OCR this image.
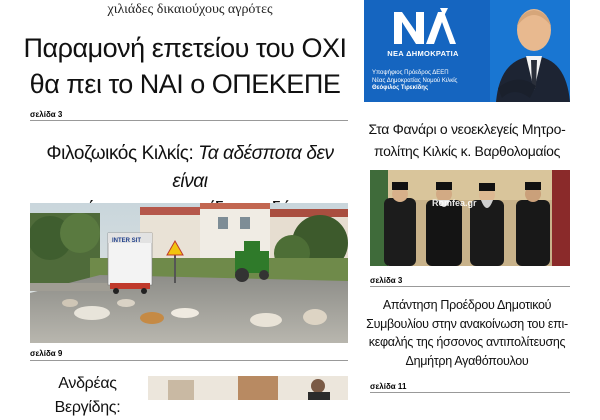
χιλιάδες δικαιούχους αγρότες
Παραμονή επετείου του ΟΧΙ
θα πει το ΝΑΙ ο ΟΠΕΚΕΠΕ
σελίδα 3
Φιλοζωικός Κιλκίς: Τα αδέσποτα δεν είναι
INTER SIT
σελίδα 9
Ανδρέας Βεργίδης:
ΝΕΑ ΔΗΜΟΚΡΑΤΙΑ
Υποψήφιος Πρόεδρος ΔΕΕΠ
Νέας Δημοκρατίας Νομού Κιλκίς
Θεόφιλος Τιρεκίδης
Στα Φανάρι ο νεοεκλεγείς Μητρο-
πολίτης Κιλκίς κ. Βαρθολομαίος
Romfea.gr
σελίδα 3
Απάντηση Προέδρου Δημοτικού
Συμβουλίου στην ανακοίνωση του επι-
κεφαλής της ήσσονος αντιπολίτευσης
Δημήτρη Αγαθόπουλου
σελίδα 11
